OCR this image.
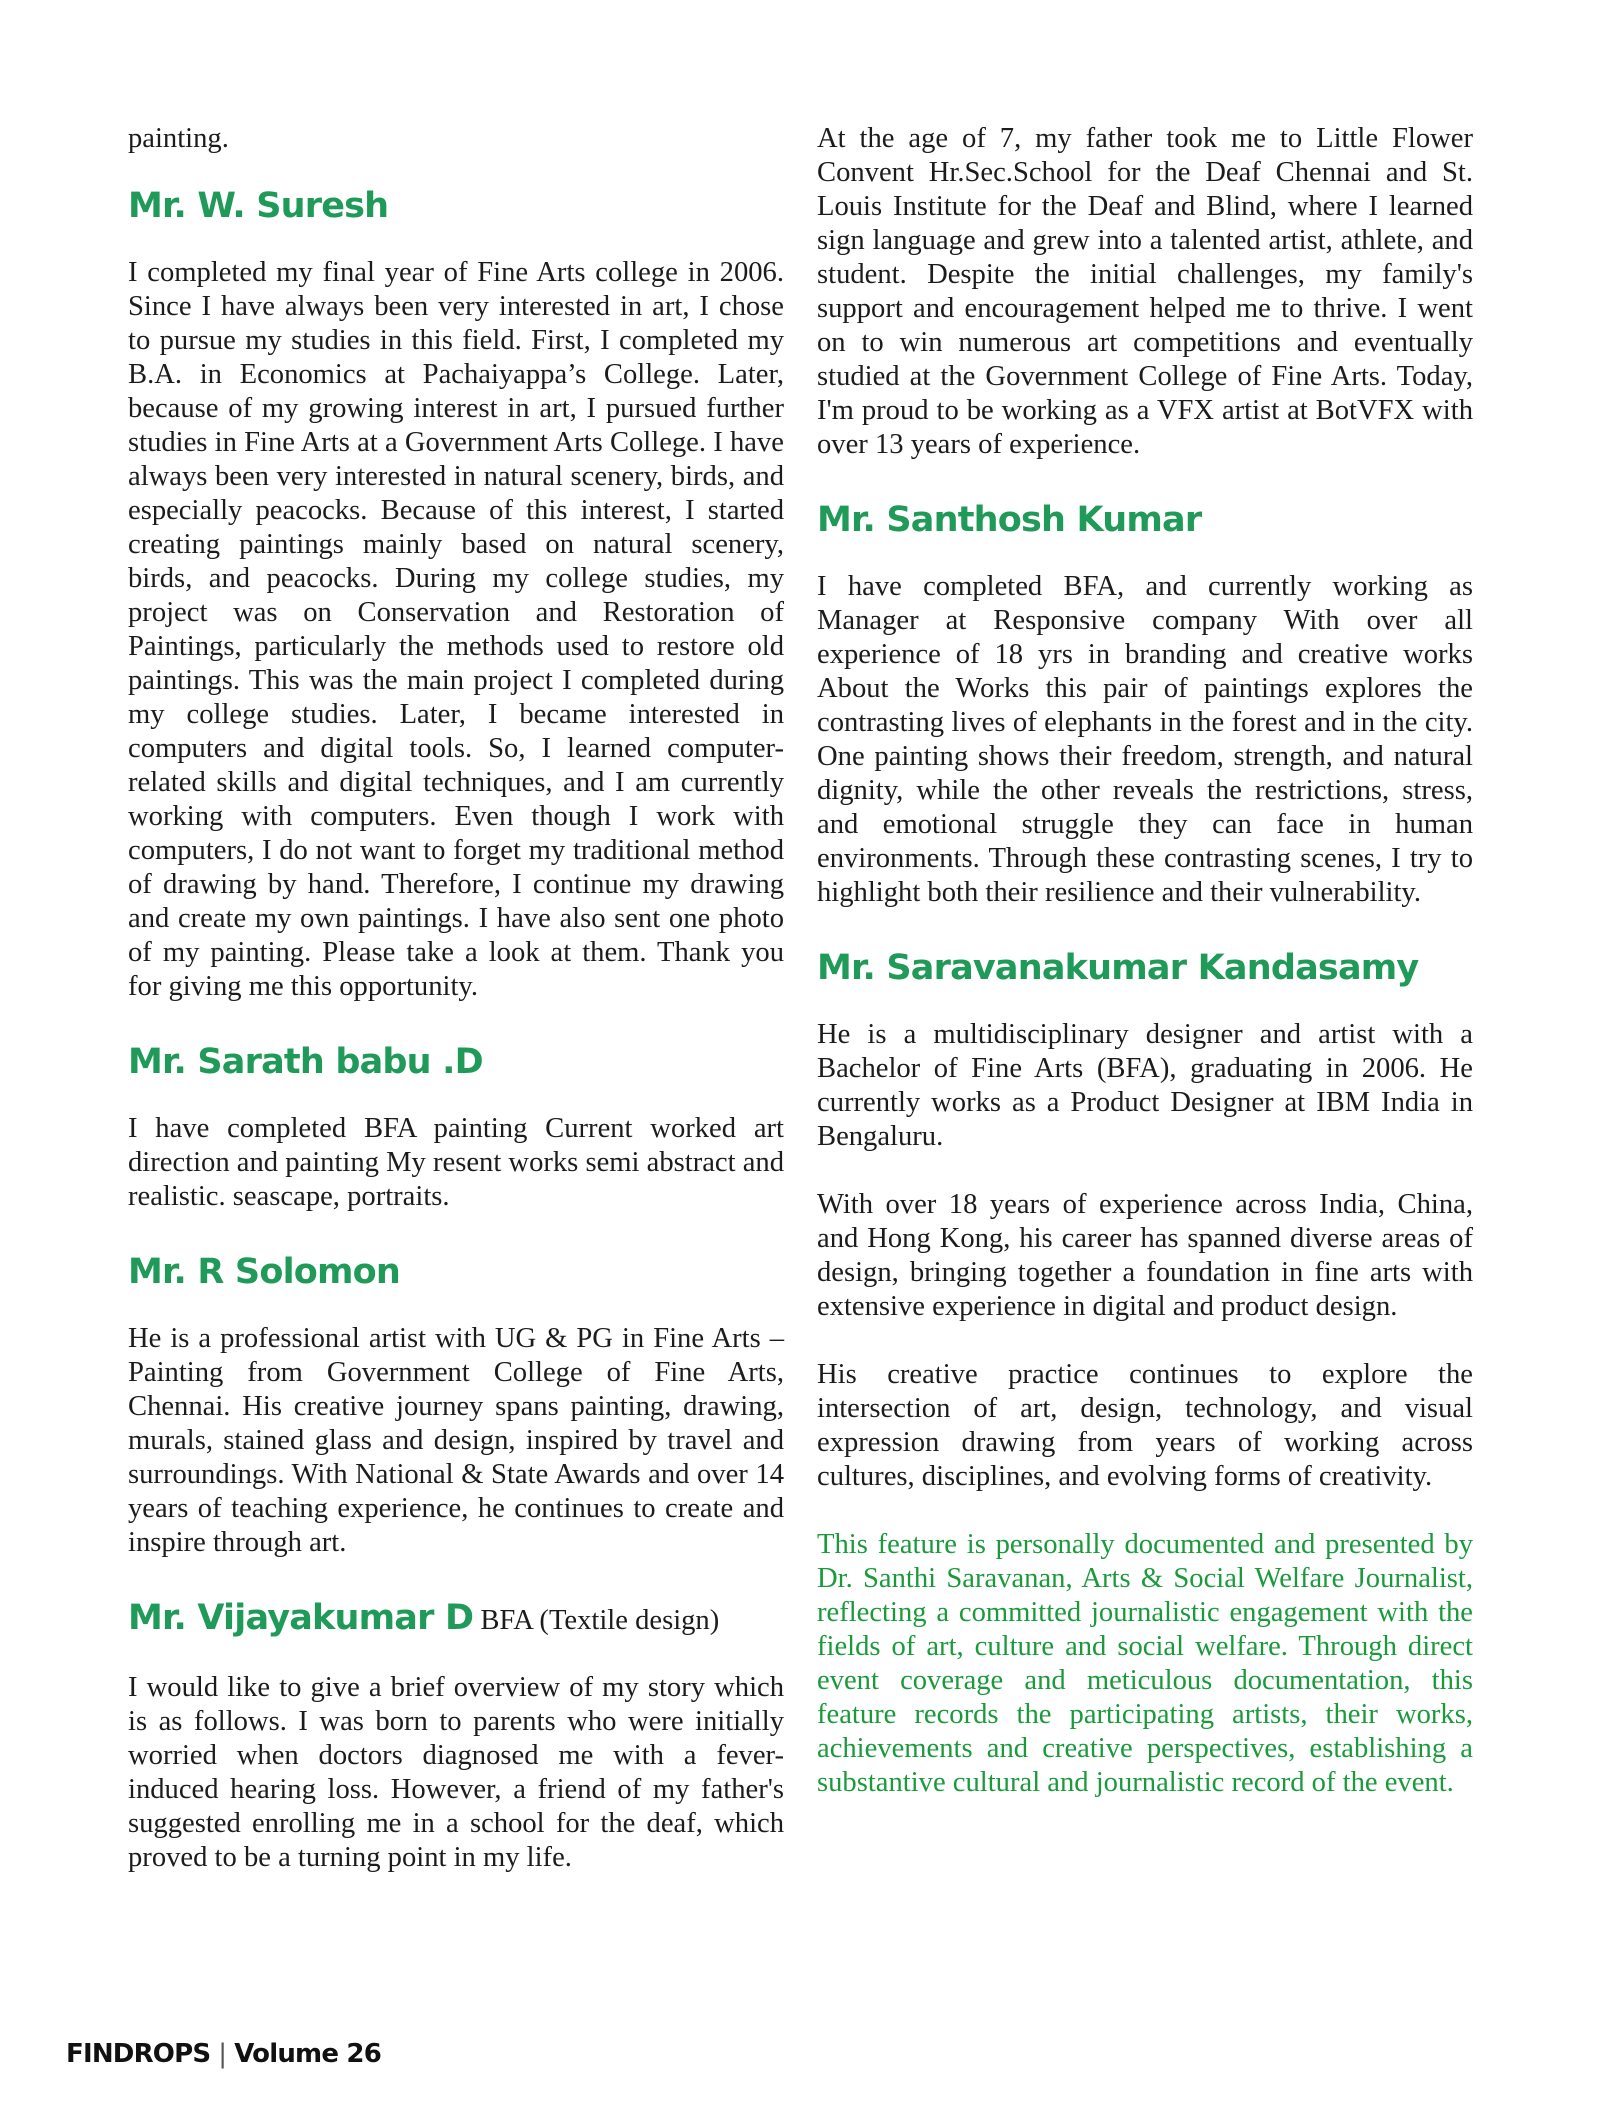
painting.

Mr. W. Suresh

I completed my final year of Fine Arts college in 2006. Since I have always been very interested in art, I chose to pursue my studies in this field. First, I completed my B.A. in Economics at Pachaiyappa’s College. Later, because of my growing interest in art, I pursued further studies in Fine Arts at a Government Arts College. I have always been very interested in natural scenery, birds, and especially peacocks. Because of this interest, I started creating paintings mainly based on natural scenery, birds, and peacocks. During my college studies, my project was on Conservation and Restoration of Paintings, particularly the methods used to restore old paintings. This was the main project I completed during my college studies. Later, I became interested in computers and digital tools. So, I learned computer-related skills and digital techniques, and I am currently working with computers. Even though I work with computers, I do not want to forget my traditional method of drawing by hand. Therefore, I continue my drawing and create my own paintings. I have also sent one photo of my painting. Please take a look at them. Thank you for giving me this opportunity.

Mr. Sarath babu .D

I have completed BFA painting Current worked art direction and painting My resent works semi abstract and realistic. seascape, portraits.

Mr. R Solomon

He is a professional artist with UG & PG in Fine Arts – Painting from Government College of Fine Arts, Chennai. His creative journey spans painting, drawing, murals, stained glass and design, inspired by travel and surroundings. With National & State Awards and over 14 years of teaching experience, he continues to create and inspire through art.

Mr. Vijayakumar D BFA (Textile design)

I would like to give a brief overview of my story which is as follows. I was born to parents who were initially worried when doctors diagnosed me with a fever-induced hearing loss. However, a friend of my father's suggested enrolling me in a school for the deaf, which proved to be a turning point in my life.

At the age of 7, my father took me to Little Flower Convent Hr.Sec.School for the Deaf Chennai and St. Louis Institute for the Deaf and Blind, where I learned sign language and grew into a talented artist, athlete, and student. Despite the initial challenges, my family's support and encouragement helped me to thrive. I went on to win numerous art competitions and eventually studied at the Government College of Fine Arts. Today, I'm proud to be working as a VFX artist at BotVFX with over 13 years of experience.

Mr. Santhosh Kumar

I have completed BFA, and currently working as Manager at Responsive company With over all experience of 18 yrs in branding and creative works About the Works this pair of paintings explores the contrasting lives of elephants in the forest and in the city. One painting shows their freedom, strength, and natural dignity, while the other reveals the restrictions, stress, and emotional struggle they can face in human environments. Through these contrasting scenes, I try to highlight both their resilience and their vulnerability.

Mr. Saravanakumar Kandasamy

He is a multidisciplinary designer and artist with a Bachelor of Fine Arts (BFA), graduating in 2006. He currently works as a Product Designer at IBM India in Bengaluru.

With over 18 years of experience across India, China, and Hong Kong, his career has spanned diverse areas of design, bringing together a foundation in fine arts with extensive experience in digital and product design.

His creative practice continues to explore the intersection of art, design, technology, and visual expression drawing from years of working across cultures, disciplines, and evolving forms of creativity.

This feature is personally documented and presented by Dr. Santhi Saravanan, Arts & Social Welfare Journalist, reflecting a committed journalistic engagement with the fields of art, culture and social welfare. Through direct event coverage and meticulous documentation, this feature records the participating artists, their works, achievements and creative perspectives, establishing a substantive cultural and journalistic record of the event.

FINDROPS | Volume 26
